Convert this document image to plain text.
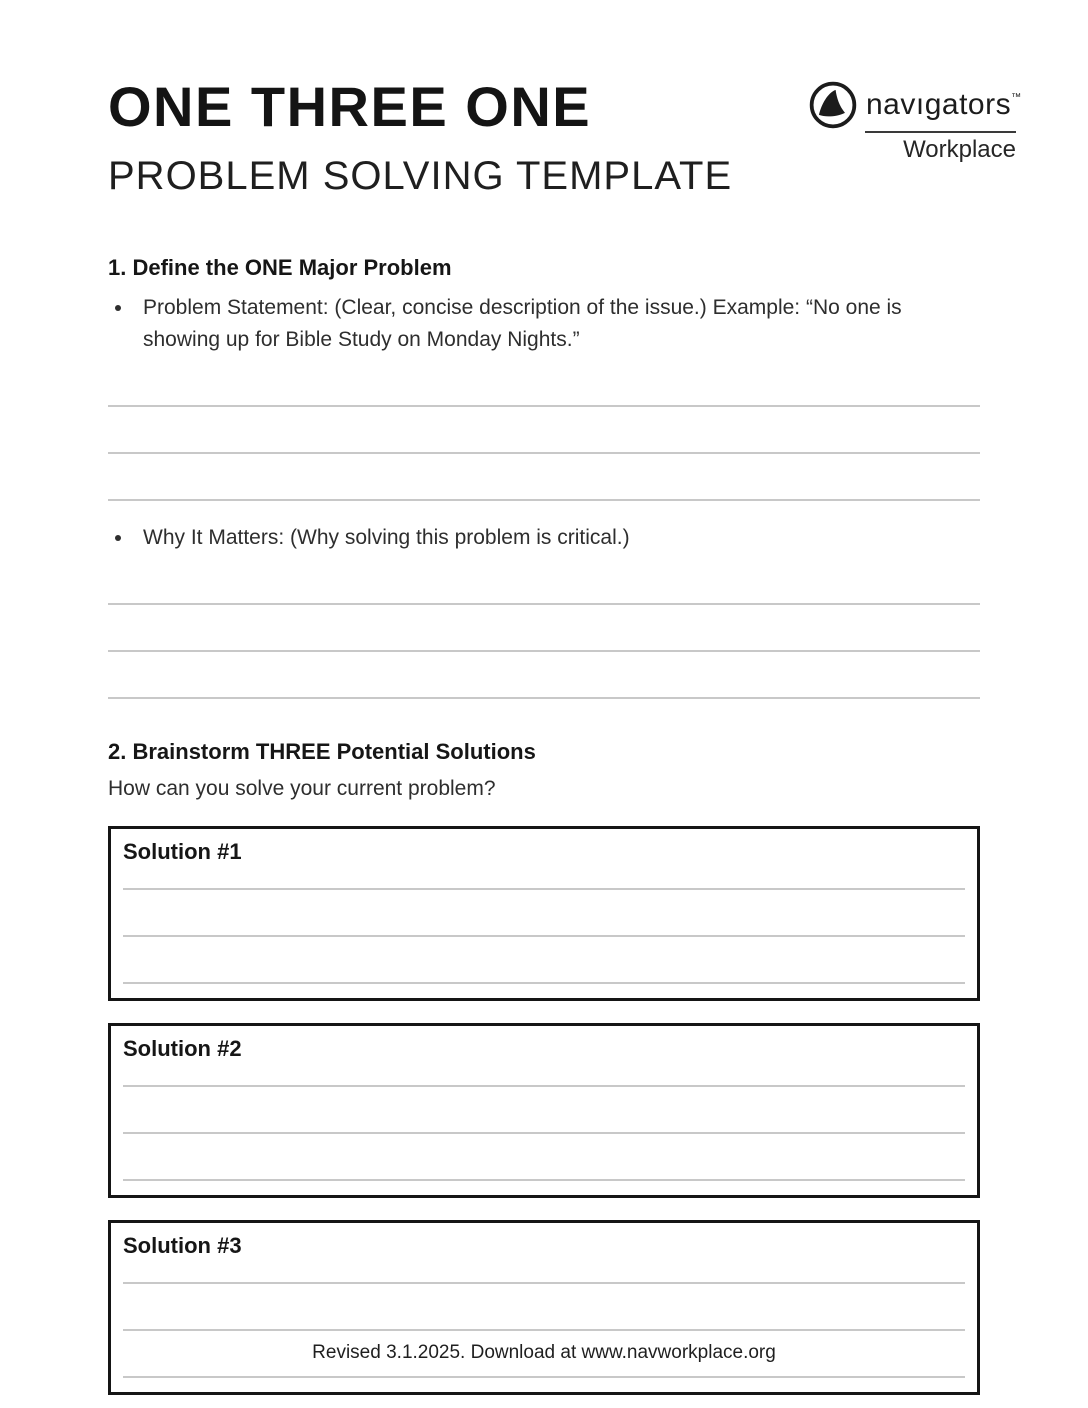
ONE THREE ONE
PROBLEM SOLVING TEMPLATE
1. Define the ONE Major Problem
• Problem Statement: (Clear, concise description of the issue.) Example: “No one is showing up for Bible Study on Monday Nights.”
• Why It Matters: (Why solving this problem is critical.)
2. Brainstorm THREE Potential Solutions
How can you solve your current problem?
Solution #1
Solution #2
Solution #3
navıgators™
Workplace
Revised 3.1.2025. Download at www.navworkplace.org
